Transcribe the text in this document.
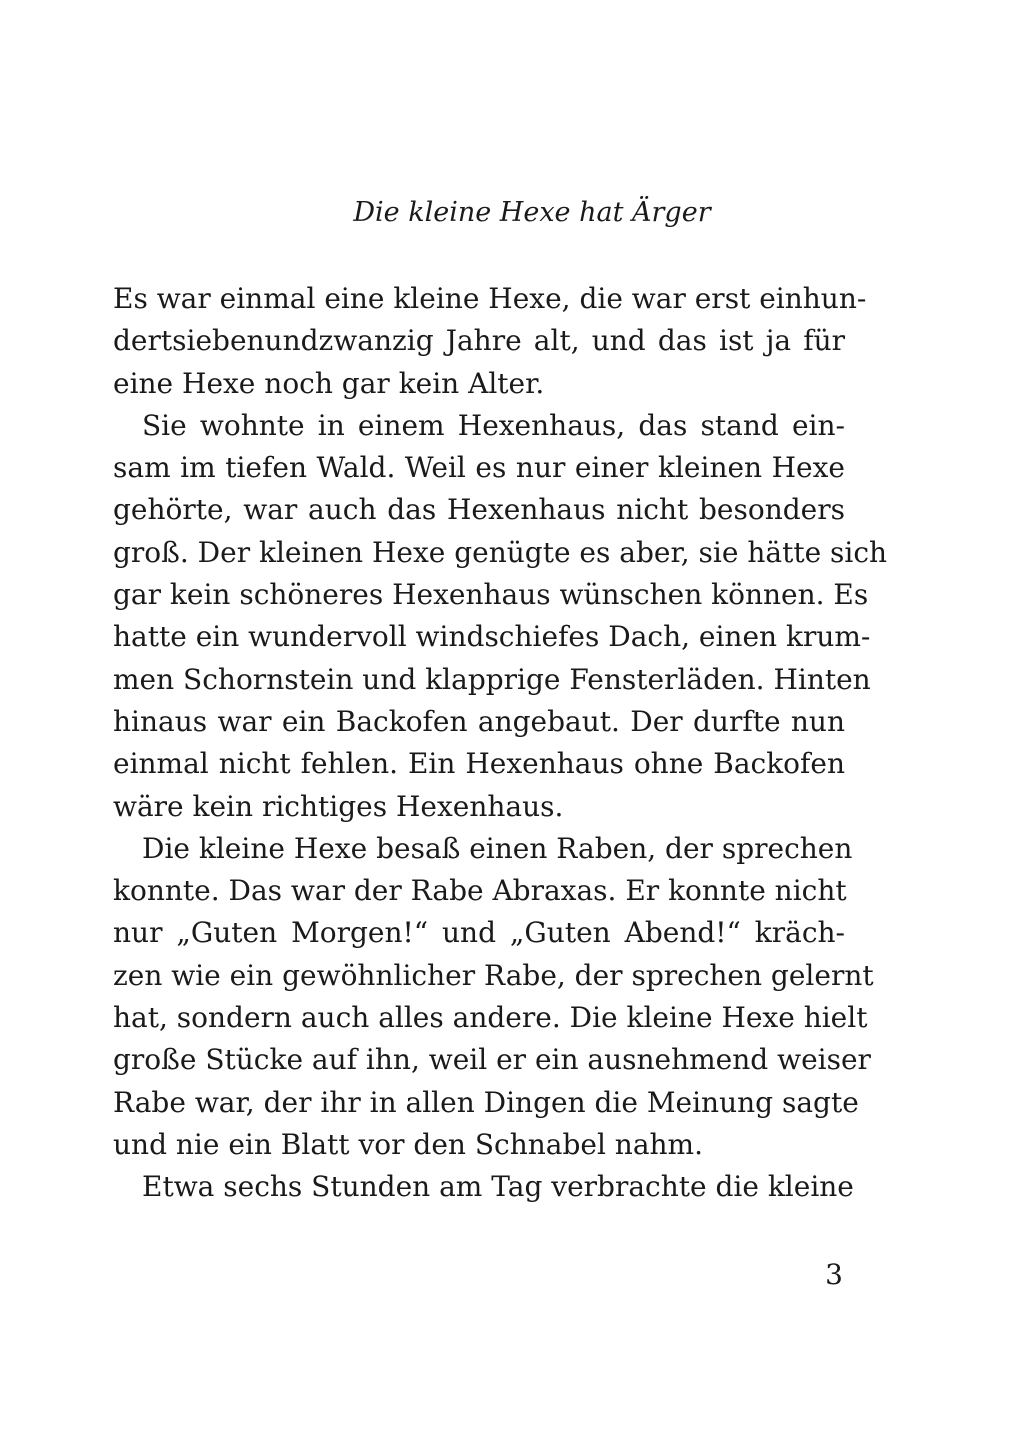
Die kleine Hexe hat Ärger
Es war einmal eine kleine Hexe, die war erst einhun-
dertsiebenundzwanzig Jahre alt, und das ist ja für
eine Hexe noch gar kein Alter.
Sie wohnte in einem Hexenhaus, das stand ein-
sam im tiefen Wald. Weil es nur einer kleinen Hexe
gehörte, war auch das Hexenhaus nicht besonders
groß. Der kleinen Hexe genügte es aber, sie hätte sich
gar kein schöneres Hexenhaus wünschen können. Es
hatte ein wundervoll windschiefes Dach, einen krum-
men Schornstein und klapprige Fensterläden. Hinten
hinaus war ein Backofen angebaut. Der durfte nun
einmal nicht fehlen. Ein Hexenhaus ohne Backofen
wäre kein richtiges Hexenhaus.
Die kleine Hexe besaß einen Raben, der sprechen
konnte. Das war der Rabe Abraxas. Er konnte nicht
nur „Guten Morgen!“ und „Guten Abend!“ kräch-
zen wie ein gewöhnlicher Rabe, der sprechen gelernt
hat, sondern auch alles andere. Die kleine Hexe hielt
große Stücke auf ihn, weil er ein ausnehmend weiser
Rabe war, der ihr in allen Dingen die Meinung sagte
und nie ein Blatt vor den Schnabel nahm.
Etwa sechs Stunden am Tag verbrachte die kleine
3
